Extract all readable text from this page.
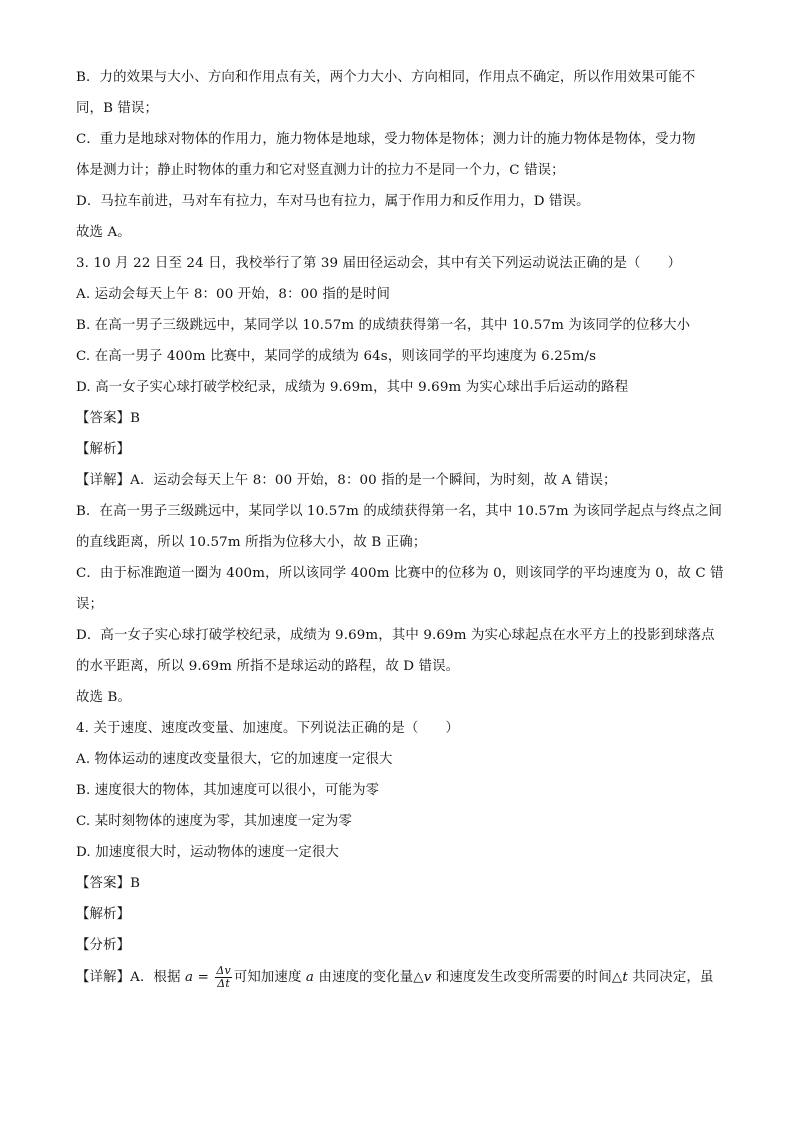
B．力的效果与大小、方向和作用点有关，两个力大小、方向相同，作用点不确定，所以作用效果可能不
同，B 错误；
C．重力是地球对物体的作用力，施力物体是地球，受力物体是物体；测力计的施力物体是物体，受力物
体是测力计；静止时物体的重力和它对竖直测力计的拉力不是同一个力，C 错误；
D．马拉车前进，马对车有拉力，车对马也有拉力，属于作用力和反作用力，D 错误。
故选 A。
3. 10 月 22 日至 24 日，我校举行了第 39 届田径运动会，其中有关下列运动说法正确的是（　　）
A. 运动会每天上午 8：00 开始，8：00 指的是时间
B. 在高一男子三级跳远中，某同学以 10.57m 的成绩获得第一名，其中 10.57m 为该同学的位移大小
C. 在高一男子 400m 比赛中，某同学的成绩为 64s，则该同学的平均速度为 6.25m/s
D. 高一女子实心球打破学校纪录，成绩为 9.69m，其中 9.69m 为实心球出手后运动的路程
【答案】B
【解析】
【详解】A．运动会每天上午 8：00 开始，8：00 指的是一个瞬间，为时刻，故 A 错误；
B．在高一男子三级跳远中，某同学以 10.57m 的成绩获得第一名，其中 10.57m 为该同学起点与终点之间
的直线距离，所以 10.57m 所指为位移大小，故 B 正确；
C．由于标准跑道一圈为 400m，所以该同学 400m 比赛中的位移为 0，则该同学的平均速度为 0，故 C 错
误；
D．高一女子实心球打破学校纪录，成绩为 9.69m，其中 9.69m 为实心球起点在水平方上的投影到球落点
的水平距离，所以 9.69m 所指不是球运动的路程，故 D 错误。
故选 B。
4. 关于速度、速度改变量、加速度。下列说法正确的是（　　）
A. 物体运动的速度改变量很大，它的加速度一定很大
B. 速度很大的物体，其加速度可以很小，可能为零
C. 某时刻物体的速度为零，其加速度一定为零
D. 加速度很大时，运动物体的速度一定很大
【答案】B
【解析】
【分析】
【详解】A．根据 $a = \frac{\Delta v}{\Delta t}$ 可知加速度 a 由速度的变化量△v 和速度发生改变所需要的时间△t 共同决定，虽
